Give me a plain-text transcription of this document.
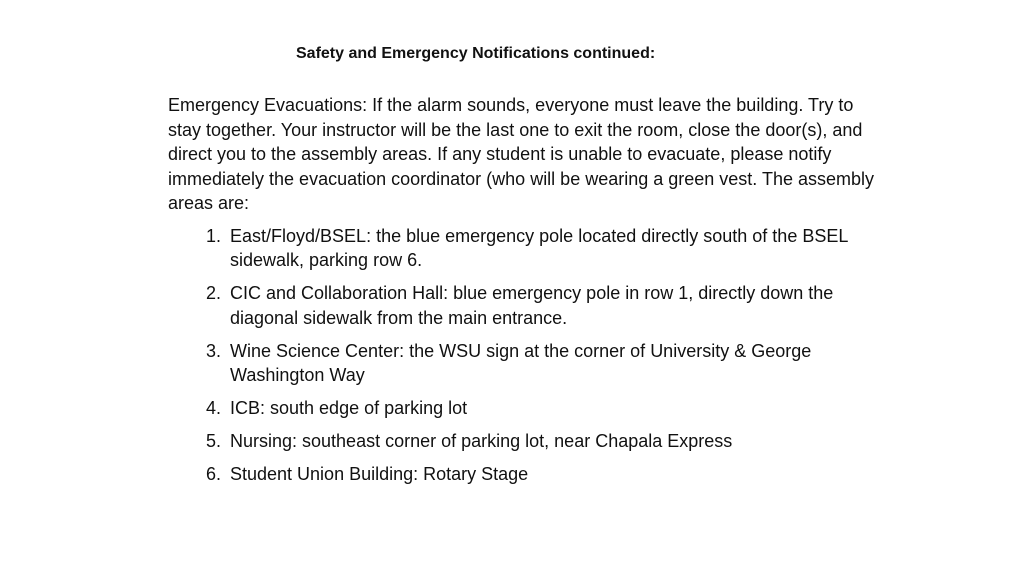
Safety and Emergency Notifications continued:

Emergency Evacuations: If the alarm sounds, everyone must leave the building. Try to stay together. Your instructor will be the last one to exit the room, close the door(s), and direct you to the assembly areas. If any student is unable to evacuate, please notify immediately the evacuation coordinator (who will be wearing a green vest. The assembly areas are:

1. East/Floyd/BSEL: the blue emergency pole located directly south of the BSEL sidewalk, parking row 6.
2. CIC and Collaboration Hall: blue emergency pole in row 1, directly down the diagonal sidewalk from the main entrance.
3. Wine Science Center: the WSU sign at the corner of University & George Washington Way
4. ICB: south edge of parking lot
5. Nursing: southeast corner of parking lot, near Chapala Express
6. Student Union Building: Rotary Stage
